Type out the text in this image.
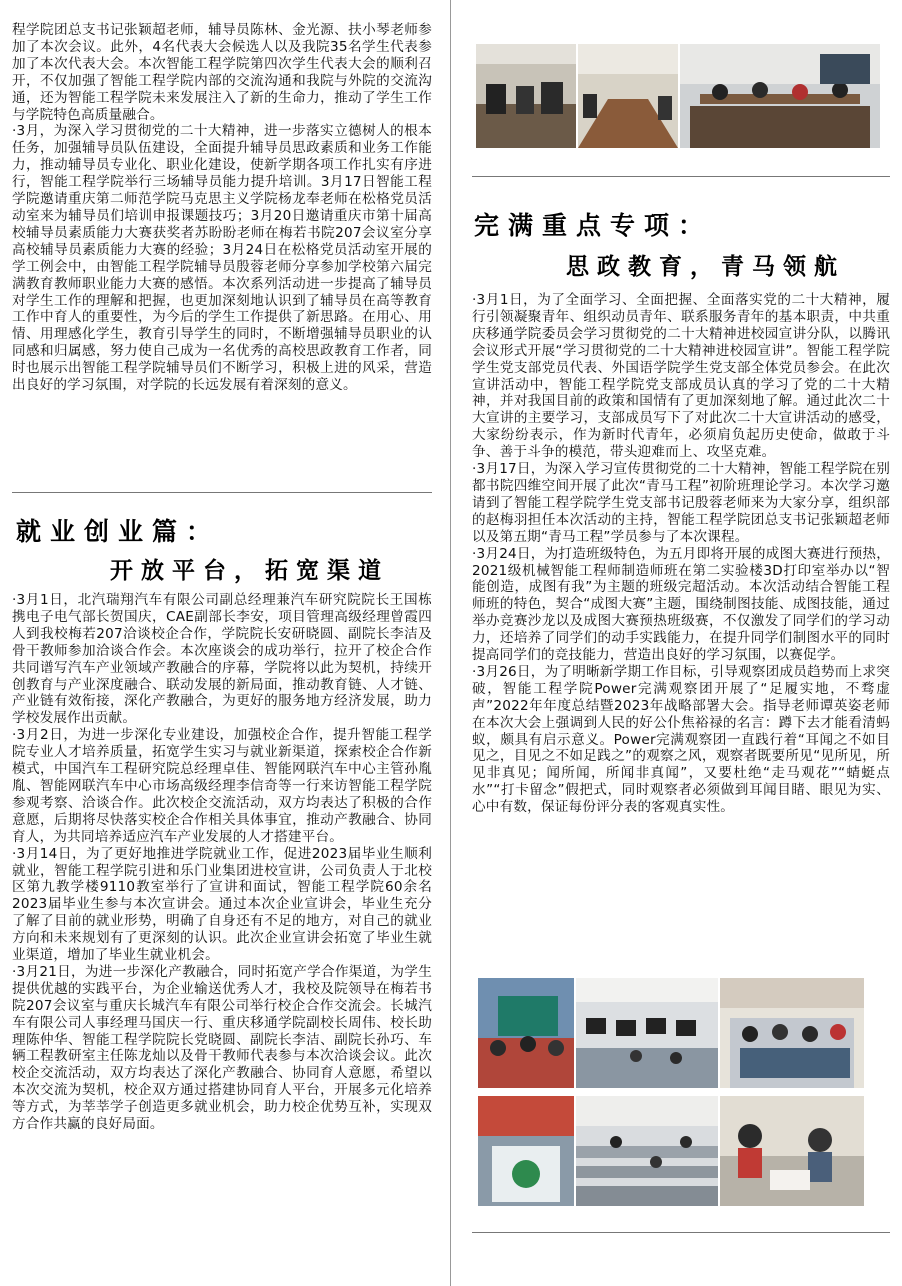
程学院团总支书记张颖超老师，辅导员陈林、金光源、扶小琴老师参加了本次会议。此外，4名代表大会候选人以及我院35名学生代表参加了本次代表大会。本次智能工程学院第四次学生代表大会的顺利召开，不仅加强了智能工程学院内部的交流沟通和我院与外院的交流沟通，还为智能工程学院未来发展注入了新的生命力，推动了学生工作与学院特色高质量融合。

·3月，为深入学习贯彻党的二十大精神，进一步落实立德树人的根本任务，加强辅导员队伍建设，全面提升辅导员思政素质和业务工作能力，推动辅导员专业化、职业化建设，使新学期各项工作扎实有序进行，智能工程学院举行三场辅导员能力提升培训。3月17日智能工程学院邀请重庆第二师范学院马克思主义学院杨龙奉老师在松格党员活动室来为辅导员们培训申报课题技巧；3月20日邀请重庆市第十届高校辅导员素质能力大赛获奖者苏盼盼老师在梅若书院207会议室分享高校辅导员素质能力大赛的经验；3月24日在松格党员活动室开展的学工例会中，由智能工程学院辅导员殷蓉老师分享参加学校第六届完满教育教师职业能力大赛的感悟。本次系列活动进一步提高了辅导员对学生工作的理解和把握，也更加深刻地认识到了辅导员在高等教育工作中育人的重要性，为今后的学生工作提供了新思路。在用心、用情、用理感化学生，教育引导学生的同时，不断增强辅导员职业的认同感和归属感，努力使自己成为一名优秀的高校思政教育工作者，同时也展示出智能工程学院辅导员们不断学习，积极上进的风采，营造出良好的学习氛围，对学院的长远发展有着深刻的意义。

就业创业篇：
开放平台，拓宽渠道

·3月1日，北汽瑞翔汽车有限公司副总经理兼汽车研究院院长王国栋携电子电气部长贺国庆，CAE副部长李安，项目管理高级经理曾霞四人到我校梅若207洽谈校企合作，学院院长安研晓圆、副院长李洁及骨干教师参加洽谈合作会。本次座谈会的成功举行，拉开了校企合作共同谱写汽车产业领域产教融合的序幕，学院将以此为契机，持续开创教育与产业深度融合、联动发展的新局面，推动教育链、人才链、产业链有效衔接，深化产教融合，为更好的服务地方经济发展，助力学校发展作出贡献。

·3月2日，为进一步深化专业建设，加强校企合作，提升智能工程学院专业人才培养质量，拓宽学生实习与就业新渠道，探索校企合作新模式，中国汽车工程研究院总经理卓佳、智能网联汽车中心主管孙胤胤、智能网联汽车中心市场高级经理李信奇等一行来访智能工程学院参观考察、洽谈合作。此次校企交流活动，双方均表达了积极的合作意愿，后期将尽快落实校企合作相关具体事宜，推动产教融合、协同育人，为共同培养适应汽车产业发展的人才搭建平台。

·3月14日，为了更好地推进学院就业工作，促进2023届毕业生顺利就业，智能工程学院引进和乐门业集团进校宣讲，公司负责人于北校区第九教学楼9110教室举行了宣讲和面试，智能工程学院60余名2023届毕业生参与本次宣讲会。通过本次企业宣讲会，毕业生充分了解了目前的就业形势，明确了自身还有不足的地方，对自己的就业方向和未来规划有了更深刻的认识。此次企业宣讲会拓宽了毕业生就业渠道，增加了毕业生就业机会。

·3月21日，为进一步深化产教融合，同时拓宽产学合作渠道，为学生提供优越的实践平台，为企业输送优秀人才，我校及院领导在梅若书院207会议室与重庆长城汽车有限公司举行校企合作交流会。长城汽车有限公司人事经理马国庆一行、重庆移通学院副校长周伟、校长助理陈仲华、智能工程学院院长党晓圆、副院长李洁、副院长孙巧、车辆工程教研室主任陈龙灿以及骨干教师代表参与本次洽谈会议。此次校企交流活动，双方均表达了深化产教融合、协同育人意愿，希望以本次交流为契机，校企双方通过搭建协同育人平台，开展多元化培养等方式，为莘莘学子创造更多就业机会，助力校企优势互补，实现双方合作共赢的良好局面。

完满重点专项：
思政教育，青马领航

·3月1日，为了全面学习、全面把握、全面落实党的二十大精神，履行引领凝聚青年、组织动员青年、联系服务青年的基本职责，中共重庆移通学院委员会学习贯彻党的二十大精神进校园宣讲分队，以腾讯会议形式开展“学习贯彻党的二十大精神进校园宣讲”。智能工程学院学生党支部党员代表、外国语学院学生党支部全体党员参会。在此次宣讲活动中，智能工程学院党支部成员认真的学习了党的二十大精神，并对我国目前的政策和国情有了更加深刻地了解。通过此次二十大宣讲的主要学习，支部成员写下了对此次二十大宣讲活动的感受，大家纷纷表示，作为新时代青年，必须肩负起历史使命，做敢于斗争、善于斗争的模范，带头迎难而上、攻坚克难。

·3月17日，为深入学习宣传贯彻党的二十大精神，智能工程学院在别都书院四维空间开展了此次“青马工程”初阶班理论学习。本次学习邀请到了智能工程学院学生党支部书记殷蓉老师来为大家分享，组织部的赵梅羽担任本次活动的主持，智能工程学院团总支书记张颖超老师以及第五期“青马工程”学员参与了本次课程。

·3月24日，为打造班级特色，为五月即将开展的成图大赛进行预热，2021级机械智能工程师制造师班在第二实验楼3D打印室举办以“智能创造，成图有我”为主题的班级完超活动。本次活动结合智能工程师班的特色，契合“成图大赛”主题，围绕制图技能、成图技能，通过举办竞赛沙龙以及成图大赛预热班级赛，不仅激发了同学们的学习动力，还培养了同学们的动手实践能力，在提升同学们制图水平的同时提高同学们的竞技能力，营造出良好的学习氛围，以赛促学。

·3月26日，为了明晰新学期工作目标，引导观察团成员趋势而上求突破，智能工程学院Power完满观察团开展了“足履实地，不骛虚声”2022年年度总结暨2023年战略部署大会。指导老师谭英姿老师在本次大会上强调到人民的好公仆焦裕禄的名言：蹲下去才能看清蚂蚁，颇具有启示意义。Power完满观察团一直践行着“耳闻之不如目见之，目见之不如足践之”的观察之风，观察者既要所见“见所见，所见非真见；闻所闻，所闻非真闻”，又要杜绝“走马观花”“蜻蜓点水”“打卡留念”假把式，同时观察者必须做到耳闻目睹、眼见为实、心中有数，保证每份评分表的客观真实性。
